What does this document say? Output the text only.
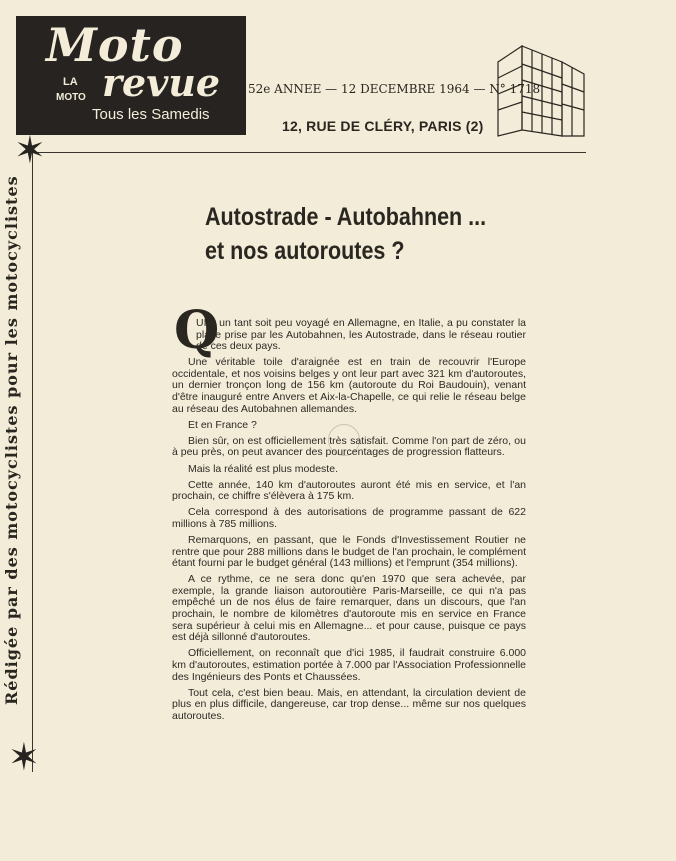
Moto
LA revue
MOTO
Tous les Samedis
52e ANNEE — 12 DECEMBRE 1964 — N° 1718
12, RUE DE CLÉRY, PARIS (2)
✶
✶
Rédigée par des motocyclistes pour les motocyclistes	Autostrade - Autobahnen ...
et nos autoroutes ?
Q

UI a un tant soit peu voyagé en Allemagne, en Italie, a pu constater la place prise par les Autobahnen, les Autostrade, dans le réseau routier de ces deux pays.

Une véritable toile d'araignée est en train de recouvrir l'Europe occidentale, et nos voisins belges y ont leur part avec 321 km d'autoroutes, un dernier tronçon long de 156 km (autoroute du Roi Baudouin), venant d'être inauguré entre Anvers et Aix-la-Chapelle, ce qui relie le réseau belge au réseau des Autobahnen allemandes.

Et en France ?

Bien sûr, on est officiellement très satisfait. Comme l'on part de zéro, ou à peu près, on peut avancer des pourcentages de progression flatteurs.

Mais la réalité est plus modeste.

Cette année, 140 km d'autoroutes auront été mis en service, et l'an prochain, ce chiffre s'élèvera à 175 km.

Cela correspond à des autorisations de programme passant de 622 millions à 785 millions.

Remarquons, en passant, que le Fonds d'Investissement Routier ne rentre que pour 288 millions dans le budget de l'an prochain, le complément étant fourni par le budget général (143 millions) et l'emprunt (354 millions).

A ce rythme, ce ne sera donc qu'en 1970 que sera achevée, par exemple, la grande liaison autoroutière Paris-Marseille, ce qui n'a pas empêché un de nos élus de faire remarquer, dans un discours, que l'an prochain, le nombre de kilomètres d'autoroute mis en service en France sera supérieur à celui mis en Allemagne... et pour cause, puisque ce pays est déjà sillonné d'autoroutes.

Officiellement, on reconnaît que d'ici 1985, il faudrait construire 6.000 km d'autoroutes, estimation portée à 7.000 par l'Association Professionnelle des Ingénieurs des Ponts et Chaussées.

Tout cela, c'est bien beau. Mais, en attendant, la circulation devient de plus en plus difficile, dangereuse, car trop dense... même sur nos quelques autoroutes.
